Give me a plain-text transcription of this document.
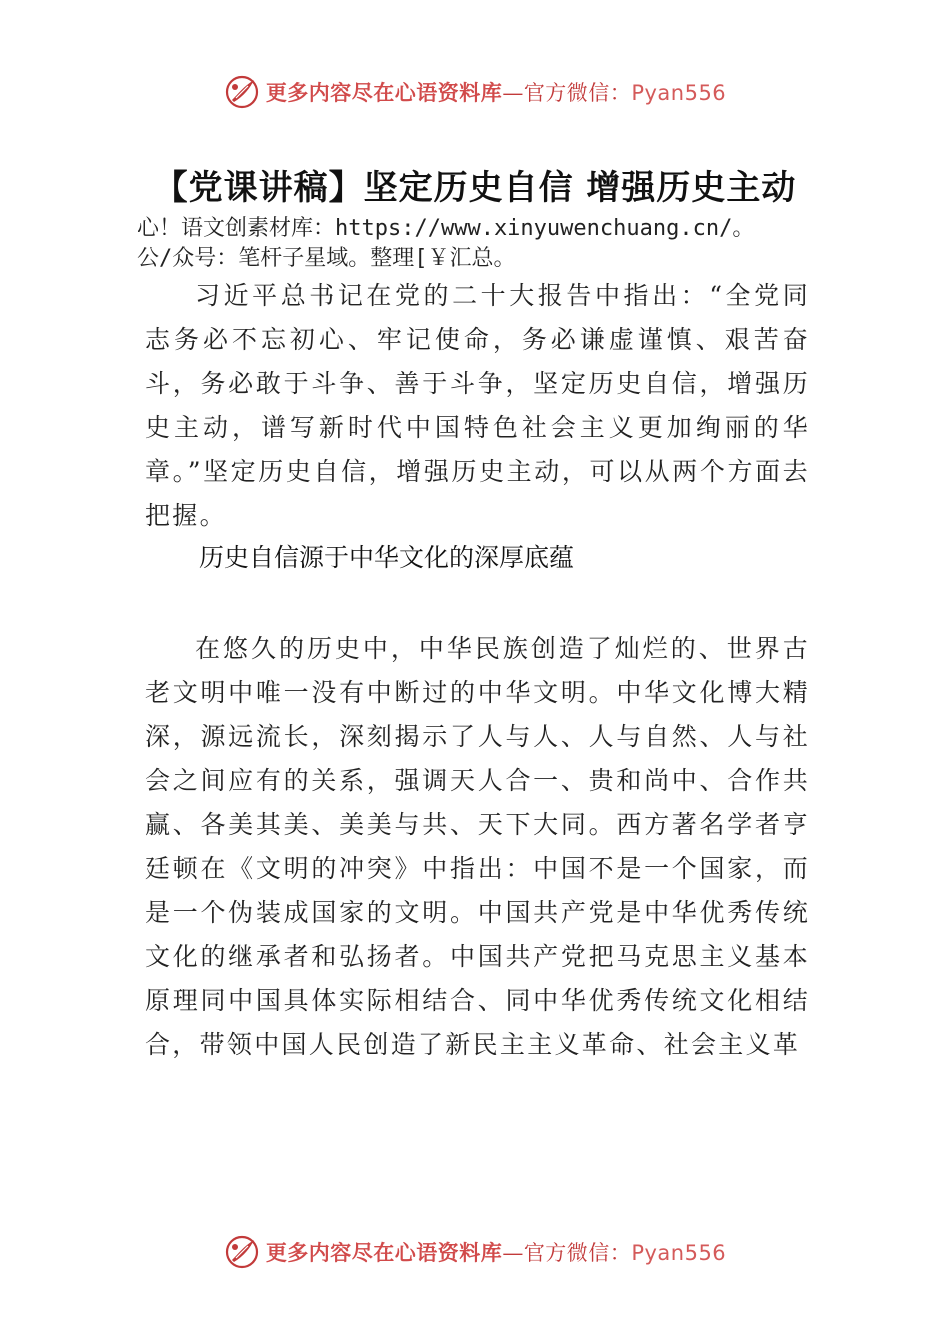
更多内容尽在心语资料库—官方微信：Pyan556
【党课讲稿】坚定历史自信 增强历史主动
心！语文创素材库：https://www.xinyuwenchuang.cn/。
公/众号：笔杆子星域。整理[￥汇总。
习近平总书记在党的二十大报告中指出：“全党同志务必不忘初心、牢记使命，务必谦虚谨慎、艰苦奋斗，务必敢于斗争、善于斗争，坚定历史自信，增强历史主动，谱写新时代中国特色社会主义更加绚丽的华章。”坚定历史自信，增强历史主动，可以从两个方面去把握。
历史自信源于中华文化的深厚底蕴
在悠久的历史中，中华民族创造了灿烂的、世界古老文明中唯一没有中断过的中华文明。中华文化博大精深，源远流长，深刻揭示了人与人、人与自然、人与社会之间应有的关系，强调天人合一、贵和尚中、合作共赢、各美其美、美美与共、天下大同。西方著名学者亨廷顿在《文明的冲突》中指出：中国不是一个国家，而是一个伪装成国家的文明。中国共产党是中华优秀传统文化的继承者和弘扬者。中国共产党把马克思主义基本原理同中国具体实际相结合、同中华优秀传统文化相结合，带领中国人民创造了新民主主义革命、社会主义革
更多内容尽在心语资料库—官方微信：Pyan556
